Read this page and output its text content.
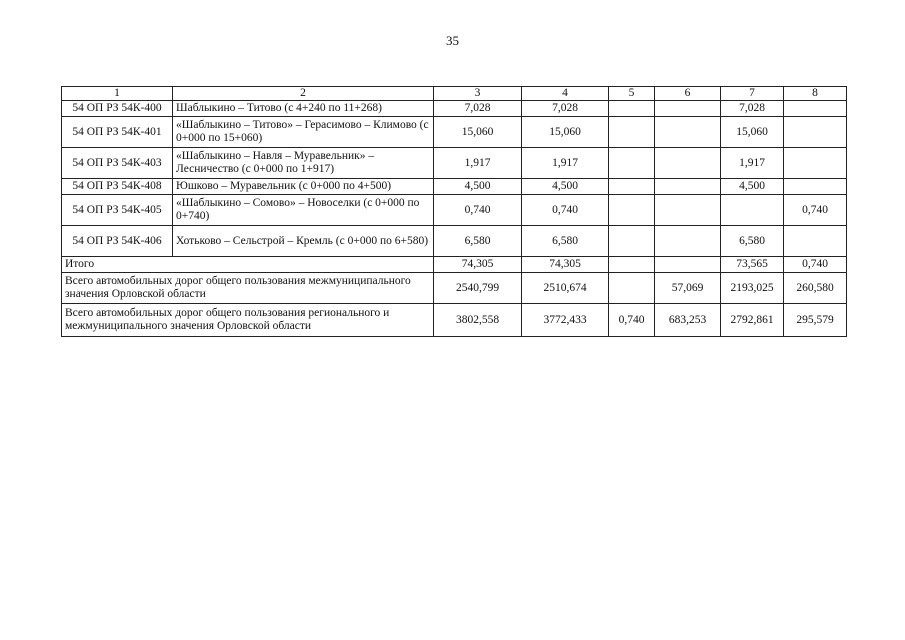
35
1	2	3	4	5	6	7	8
54 ОП РЗ 54К-400	Шаблыкино – Титово (с 4+240 по 11+268)	7,028	7,028			7,028	
54 ОП РЗ 54К-401	«Шаблыкино – Титово» – Герасимово – Климово (с 0+000 по 15+060)	15,060	15,060			15,060	
54 ОП РЗ 54К-403	«Шаблыкино – Навля – Муравельник» – Лесничество (с 0+000 по 1+917)	1,917	1,917			1,917	
54 ОП РЗ 54К-408	Юшково – Муравельник (с 0+000 по 4+500)	4,500	4,500			4,500	
54 ОП РЗ 54К-405	«Шаблыкино – Сомово» – Новоселки (с 0+000 по 0+740)	0,740	0,740				0,740
54 ОП РЗ 54К-406	Хотьково – Сельстрой – Кремль (с 0+000 по 6+580)	6,580	6,580			6,580	
Итого		74,305	74,305			73,565	0,740
Всего автомобильных дорог общего пользования межмуниципального значения Орловской области		2540,799	2510,674		57,069	2193,025	260,580
Всего автомобильных дорог общего пользования регионального и межмуниципального значения Орловской области		3802,558	3772,433	0,740	683,253	2792,861	295,579
